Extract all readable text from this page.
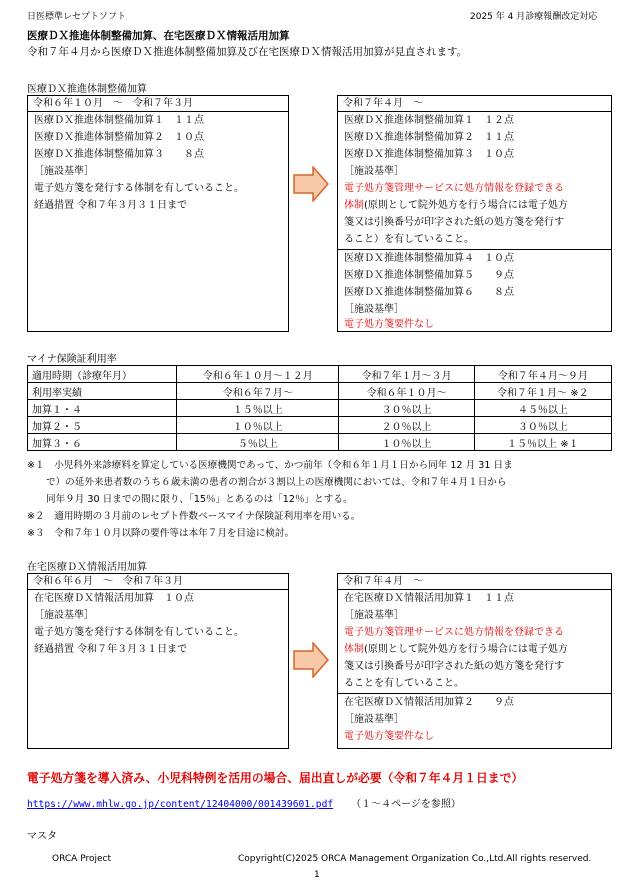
日医標準レセプトソフト	2025 年 4 月診療報酬改定対応
医療ＤＸ推進体制整備加算、在宅医療ＤＸ情報活用加算
令和７年４月から医療ＤＸ推進体制整備加算及び在宅医療ＤＸ情報活用加算が見直されます。
医療ＤＸ推進体制整備加算
令和６年１０月　～　令和７年３月
医療ＤＸ推進体制整備加算１　１１点
医療ＤＸ推進体制整備加算２　１０点
医療ＤＸ推進体制整備加算３　　８点
［施設基準］
電子処方箋を発行する体制を有していること。
経過措置 令和７年３月３１日まで
令和７年４月　～
医療ＤＸ推進体制整備加算１　１２点
医療ＤＸ推進体制整備加算２　１１点
医療ＤＸ推進体制整備加算３　１０点
［施設基準］
電子処方箋管理サービスに処方情報を登録できる
体制(原則として院外処方を行う場合には電子処方
箋又は引換番号が印字された紙の処方箋を発行す
ること）を有していること。
医療ＤＸ推進体制整備加算４　１０点
医療ＤＸ推進体制整備加算５　　９点
医療ＤＸ推進体制整備加算６　　８点
［施設基準］
電子処方箋要件なし
マイナ保険証利用率
適用時期（診療年月）	令和６年１０月～１２月	令和７年１月～３月	令和７年４月～９月
利用率実績	令和６年７月～	令和６年１０月～	令和７年１月～ ※２
加算１・４	１５％以上	３０％以上	４５％以上
加算２・５	１０％以上	２０％以上	３０％以上
加算３・６	５％以上	１０％以上	１５％以上 ※１
※１　小児科外来診療料を算定している医療機関であって、かつ前年（令和６年１月１日から同年 12 月 31 日ま
で）の延外来患者数のうち６歳未満の患者の割合が３割以上の医療機関においては、令和７年４月１日から
同年９月 30 日までの間に限り、「15％」とあるのは「12％」とする。
※２　適用時期の３月前のレセプト件数ベースマイナ保険証利用率を用いる。
※３　令和７年１０月以降の要件等は本年７月を目途に検討。
在宅医療ＤＸ情報活用加算
令和６年６月　～　令和７年３月
在宅医療ＤＸ情報活用加算　１０点
［施設基準］
電子処方箋を発行する体制を有していること。
経過措置 令和７年３月３１日まで
令和７年４月　～
在宅医療ＤＸ情報活用加算１　１１点
［施設基準］
電子処方箋管理サービスに処方情報を登録できる
体制(原則として院外処方を行う場合には電子処方
箋又は引換番号が印字された紙の処方箋を発行す
ることを有していること。
在宅医療ＤＸ情報活用加算２　　９点
［施設基準］
電子処方箋要件なし
電子処方箋を導入済み、小児科特例を活用の場合、届出直しが必要（令和７年４月１日まで）
https://www.mhlw.go.jp/content/12404000/001439601.pdf （１～４ページを参照）
マスタ
ORCA Project	Copyright(C)2025 ORCA Management Organization Co.,Ltd.All rights reserved.
1
